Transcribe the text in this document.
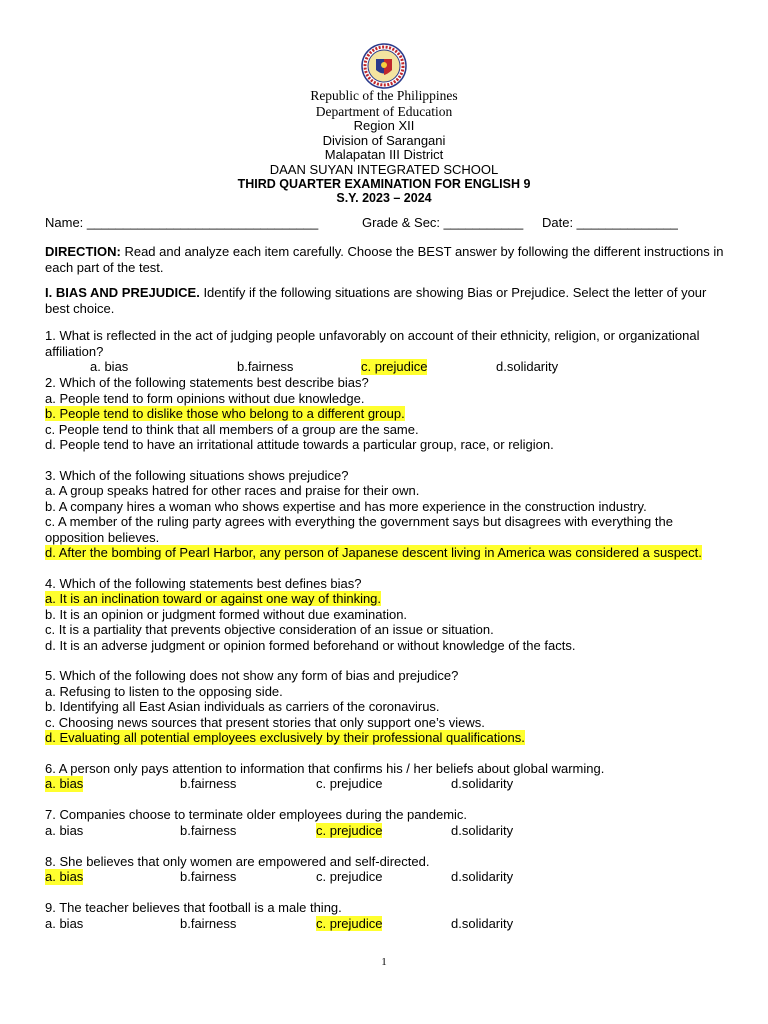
Republic of the Philippines
Department of Education
Region XII
Division of Sarangani
Malapatan III District
DAAN SUYAN INTEGRATED SCHOOL
THIRD QUARTER EXAMINATION FOR ENGLISH 9
S.Y. 2023 – 2024
Name: ________________________________	Grade & Sec: ___________ Date: ______________
DIRECTION: Read and analyze each item carefully. Choose the BEST answer by following the different instructions in each part of the test.
I. BIAS AND PREJUDICE. Identify if the following situations are showing Bias or Prejudice. Select the letter of your best choice.
1. What is reflected in the act of judging people unfavorably on account of their ethnicity, religion, or organizational affiliation?
a. bias	b.fairness	c. prejudice	d.solidarity
2. Which of the following statements best describe bias?
a. People tend to form opinions without due knowledge.
b. People tend to dislike those who belong to a different group.
c. People tend to think that all members of a group are the same.
d. People tend to have an irritational attitude towards a particular group, race, or religion.
3. Which of the following situations shows prejudice?
a. A group speaks hatred for other races and praise for their own.
b. A company hires a woman who shows expertise and has more experience in the construction industry.
c. A member of the ruling party agrees with everything the government says but disagrees with everything the opposition believes.
d. After the bombing of Pearl Harbor, any person of Japanese descent living in America was considered a suspect.
4. Which of the following statements best defines bias?
a. It is an inclination toward or against one way of thinking.
b. It is an opinion or judgment formed without due examination.
c. It is a partiality that prevents objective consideration of an issue or situation.
d. It is an adverse judgment or opinion formed beforehand or without knowledge of the facts.
5. Which of the following does not show any form of bias and prejudice?
a. Refusing to listen to the opposing side.
b. Identifying all East Asian individuals as carriers of the coronavirus.
c. Choosing news sources that present stories that only support one’s views.
d. Evaluating all potential employees exclusively by their professional qualifications.
6. A person only pays attention to information that confirms his / her beliefs about global warming.
a. bias	b.fairness	c. prejudice	d.solidarity
7. Companies choose to terminate older employees during the pandemic.
a. bias	b.fairness	c. prejudice	d.solidarity
8. She believes that only women are empowered and self-directed.
a. bias	b.fairness	c. prejudice	d.solidarity
9. The teacher believes that football is a male thing.
a. bias	b.fairness	c. prejudice	d.solidarity
1
